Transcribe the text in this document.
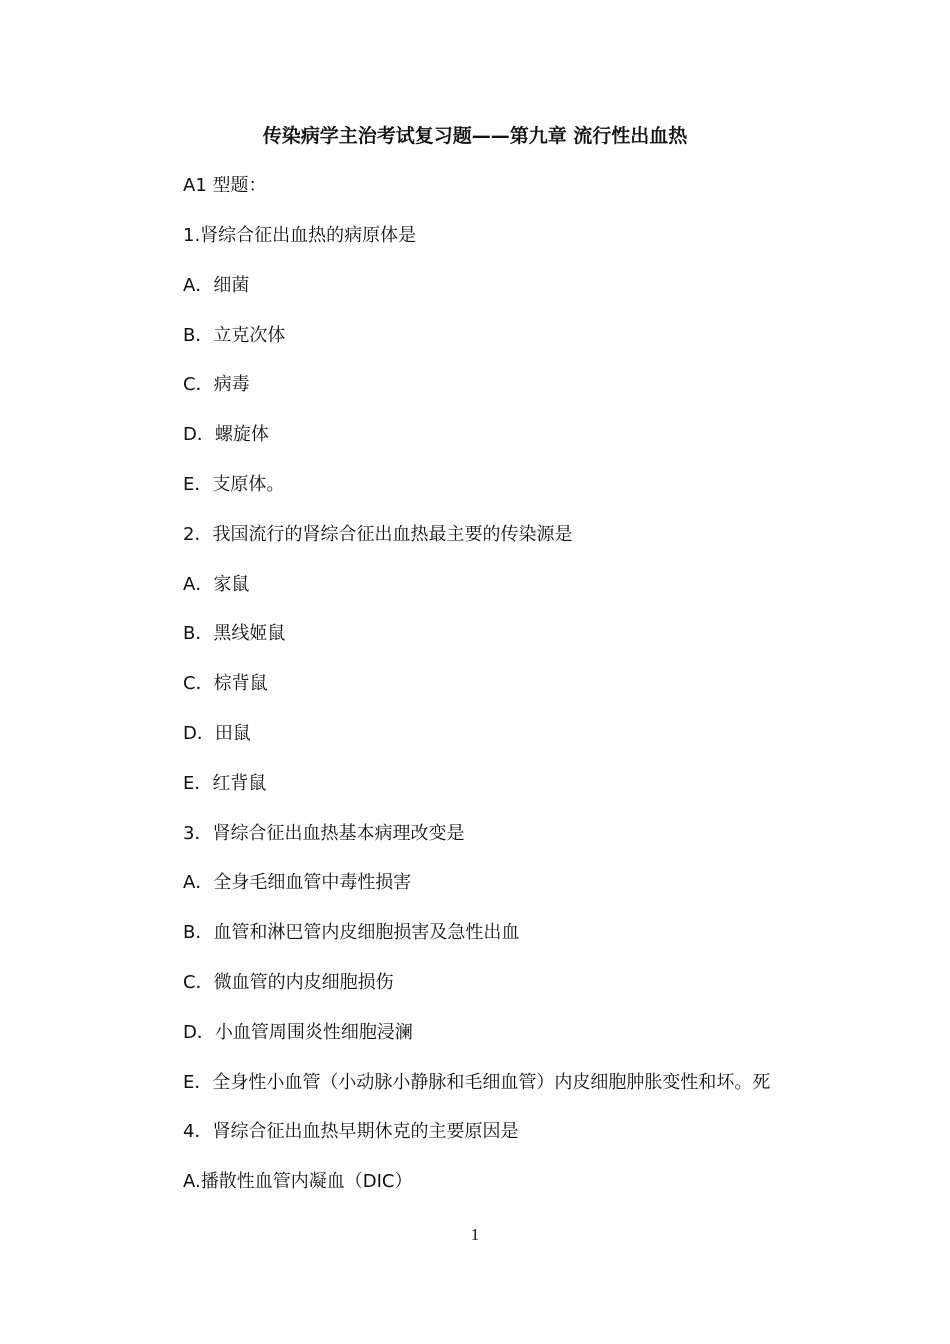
传染病学主治考试复习题——第九章 流行性出血热
A1 型题：
1.肾综合征出血热的病原体是
A．细菌
B．立克次体
C．病毒
D．螺旋体
E．支原体。
2．我国流行的肾综合征出血热最主要的传染源是
A．家鼠
B．黑线姬鼠
C．棕背鼠
D．田鼠
E．红背鼠
3．肾综合征出血热基本病理改变是
A．全身毛细血管中毒性损害
B．血管和淋巴管内皮细胞损害及急性出血
C．微血管的内皮细胞损伤
D．小血管周围炎性细胞浸澜
E．全身性小血管（小动脉小静脉和毛细血管）内皮细胞肿胀变性和坏。死
4．肾综合征出血热早期休克的主要原因是
A.播散性血管内凝血（DIC）
1
